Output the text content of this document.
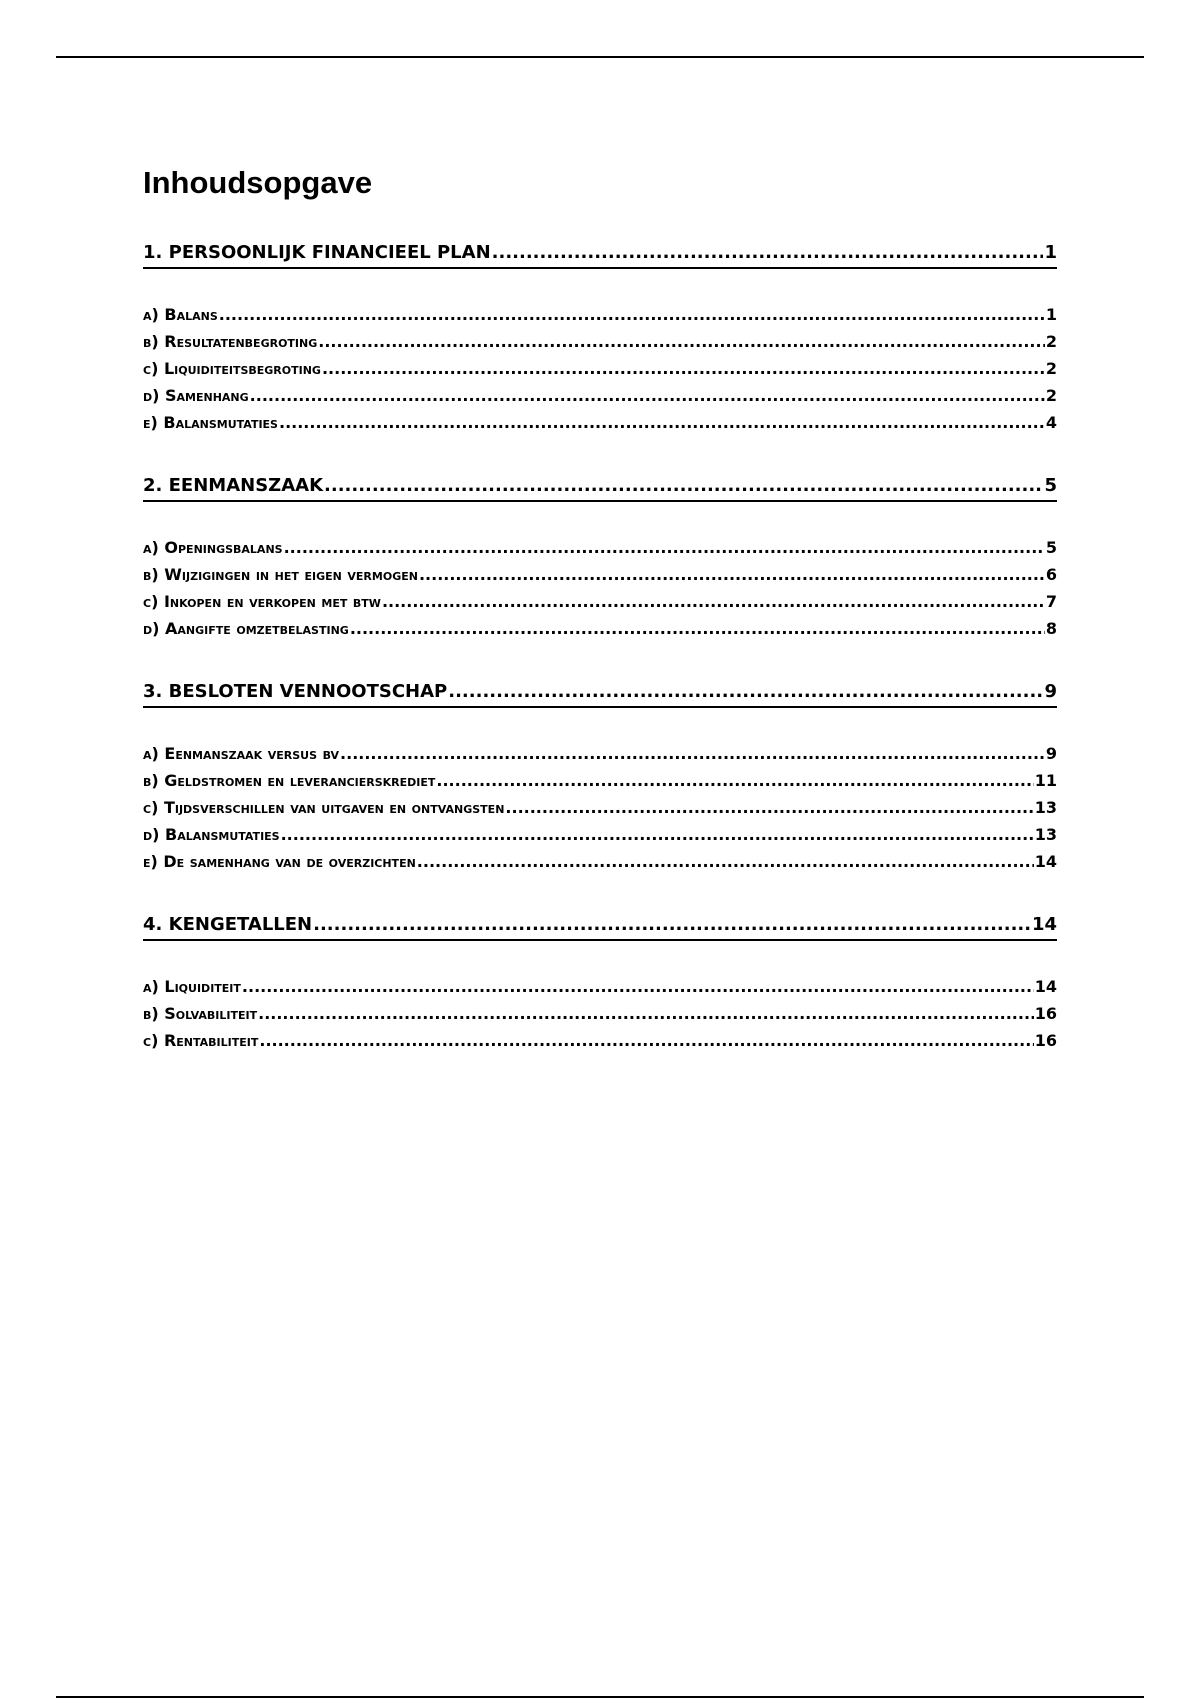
Inhoudsopgave
1. PERSOONLIJK FINANCIEEL PLAN .....	1
a) Balans .....	1
b) Resultatenbegroting .....	2
c) Liquiditeitsbegroting .....	2
d) Samenhang .....	2
e) Balansmutaties .....	4
2. EENMANSZAAK .....	5
a) Openingsbalans .....	5
b) Wijzigingen in het eigen vermogen .....	6
c) Inkopen en verkopen met btw .....	7
d) Aangifte omzetbelasting .....	8
3. BESLOTEN VENNOOTSCHAP .....	9
a) Eenmanszaak versus bv .....	9
b) Geldstromen en leverancierskrediet .....	11
c) Tijdsverschillen van uitgaven en ontvangsten .....	13
d) Balansmutaties .....	13
e) De samenhang van de overzichten .....	14
4. KENGETALLEN .....	14
a) Liquiditeit .....	14
b) Solvabiliteit .....	16
c) Rentabiliteit .....	16
